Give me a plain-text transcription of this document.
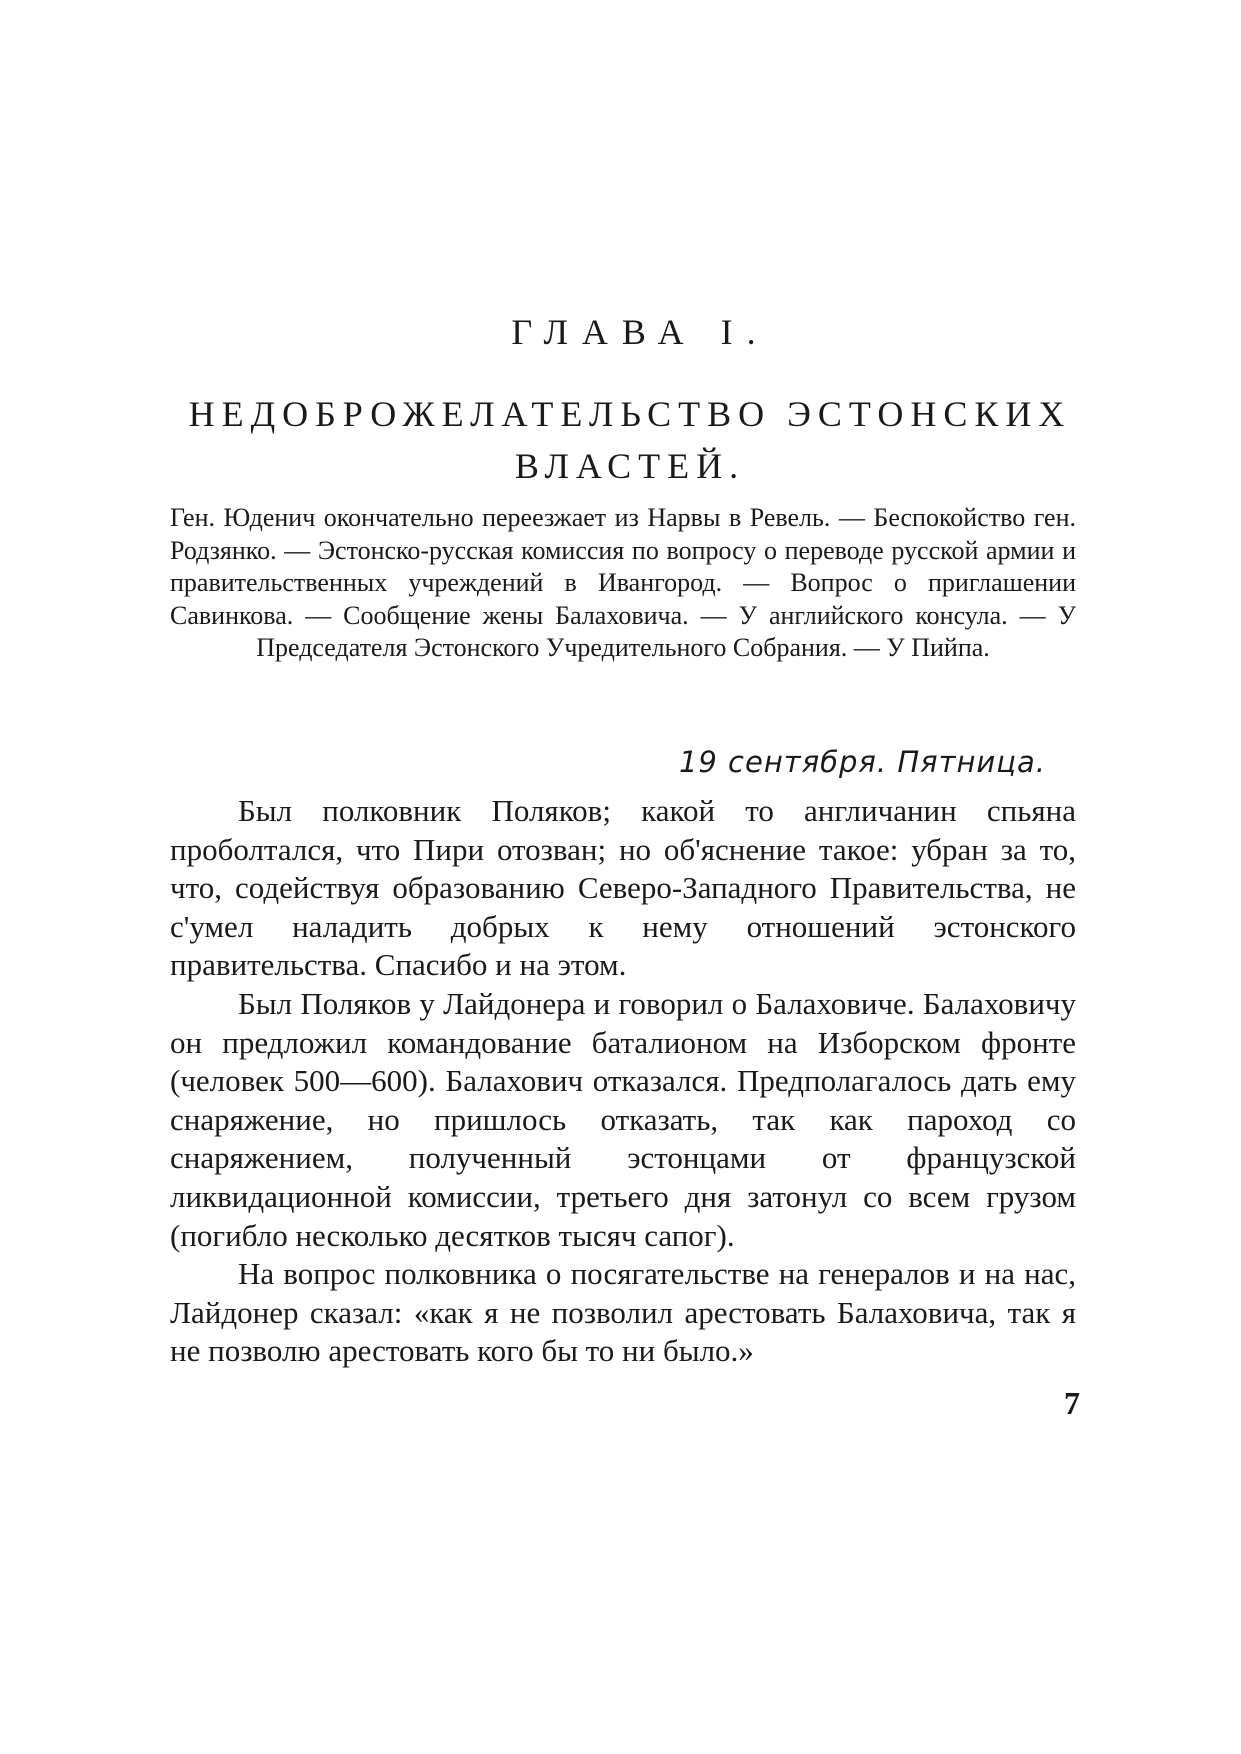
ГЛАВА I.
НЕДОБРОЖЕЛАТЕЛЬСТВО ЭСТОНСКИХ
ВЛАСТЕЙ.
Ген. Юденич окончательно переезжает из Нарвы в Ревель. — Беспокойство ген. Родзянко. — Эстонско-русская комиссия по вопросу о переводе русской армии и правительственных учреждений в Ивангород. — Вопрос о приглашении Савинкова. — Сообщение жены Балаховича. — У английского консула. — У Председателя Эстонского Учредительного Собрания. — У Пийпа.
19 сентября. Пятница.

Был полковник Поляков; какой то англичанин спьяна проболтался, что Пири отозван; но об'яснение такое: убран за то, что, содействуя образованию Северо-Западного Правительства, не с'умел наладить добрых к нему отношений эстонского правительства. Спасибо и на этом.

Был Поляков у Лайдонера и говорил о Балаховиче. Балаховичу он предложил командование баталионом на Изборском фронте (человек 500—600). Балахович отказался. Предполагалось дать ему снаряжение, но пришлось отказать, так как пароход со снаряжением, полученный эстонцами от французской ликвидационной комиссии, третьего дня затонул со всем грузом (погибло несколько десятков тысяч сапог).

На вопрос полковника о посягательстве на генералов и на нас, Лайдонер сказал: «как я не позволил арестовать Балаховича, так я не позволю арестовать кого бы то ни было.»

7
